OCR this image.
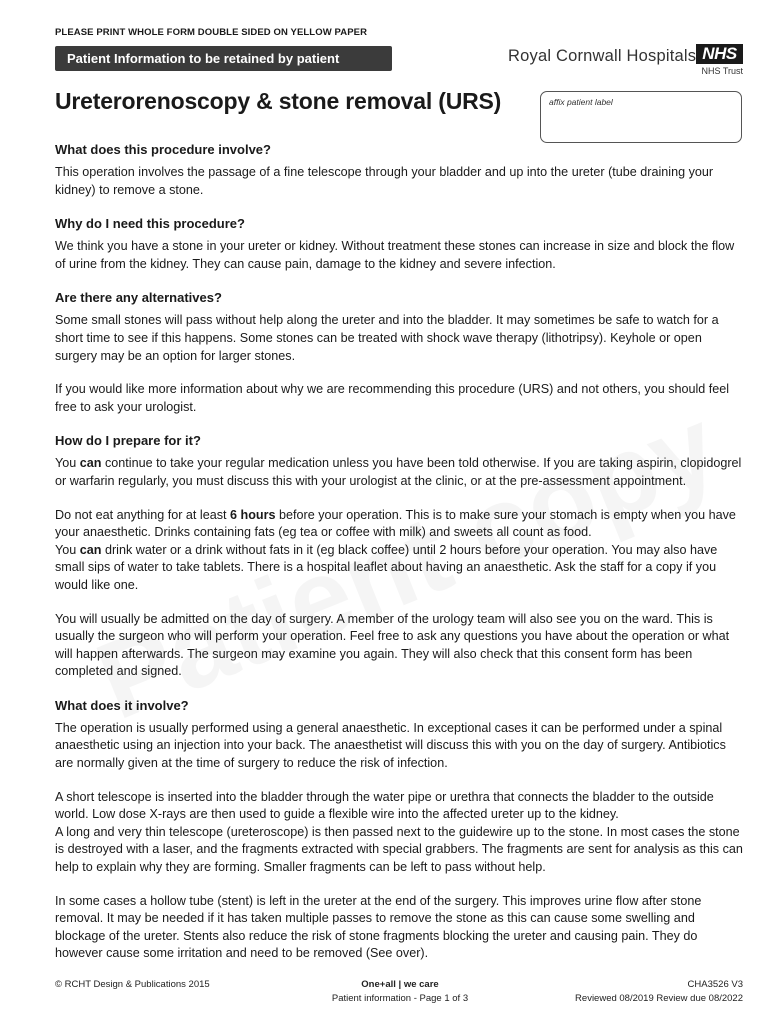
PLEASE PRINT WHOLE FORM DOUBLE SIDED ON YELLOW PAPER
Patient Information to be retained by patient	Royal Cornwall Hospitals NHS
NHS Trust
Ureterorenoscopy & stone removal (URS)	affix patient label
What does this procedure involve?

This operation involves the passage of a fine telescope through your bladder and up into the ureter (tube draining your kidney) to remove a stone.

Why do I need this procedure?

We think you have a stone in your ureter or kidney. Without treatment these stones can increase in size and block the flow of urine from the kidney. They can cause pain, damage to the kidney and severe infection.

Are there any alternatives?

Some small stones will pass without help along the ureter and into the bladder. It may sometimes be safe to watch for a short time to see if this happens. Some stones can be treated with shock wave therapy (lithotripsy). Keyhole or open surgery may be an option for larger stones.

If you would like more information about why we are recommending this procedure (URS) and not others, you should feel free to ask your urologist.

How do I prepare for it?

You can continue to take your regular medication unless you have been told otherwise. If you are taking aspirin, clopidogrel or warfarin regularly, you must discuss this with your urologist at the clinic, or at the pre-assessment appointment.

Do not eat anything for at least 6 hours before your operation. This is to make sure your stomach is empty when you have your anaesthetic. Drinks containing fats (eg tea or coffee with milk) and sweets all count as food.
You can drink water or a drink without fats in it (eg black coffee) until 2 hours before your operation. You may also have small sips of water to take tablets. There is a hospital leaflet about having an anaesthetic. Ask the staff for a copy if you would like one.

You will usually be admitted on the day of surgery. A member of the urology team will also see you on the ward. This is usually the surgeon who will perform your operation. Feel free to ask any questions you have about the operation or what will happen afterwards. The surgeon may examine you again. They will also check that this consent form has been completed and signed.

What does it involve?

The operation is usually performed using a general anaesthetic. In exceptional cases it can be performed under a spinal anaesthetic using an injection into your back. The anaesthetist will discuss this with you on the day of surgery. Antibiotics are normally given at the time of surgery to reduce the risk of infection.

A short telescope is inserted into the bladder through the water pipe or urethra that connects the bladder to the outside world. Low dose X-rays are then used to guide a flexible wire into the affected ureter up to the kidney.
A long and very thin telescope (ureteroscope) is then passed next to the guidewire up to the stone. In most cases the stone is destroyed with a laser, and the fragments extracted with special grabbers. The fragments are sent for analysis as this can help to explain why they are forming. Smaller fragments can be left to pass without help.

In some cases a hollow tube (stent) is left in the ureter at the end of the surgery. This improves urine flow after stone removal. It may be needed if it has taken multiple passes to remove the stone as this can cause some swelling and blockage of the ureter. Stents also reduce the risk of stone fragments blocking the ureter and causing pain. They do however cause some irritation and need to be removed (See over).

© RCHT Design & Publications 2015	One+all | we care
Patient information - Page 1 of 3
CHA3526 V3
Reviewed 08/2019 Review due 08/2022
